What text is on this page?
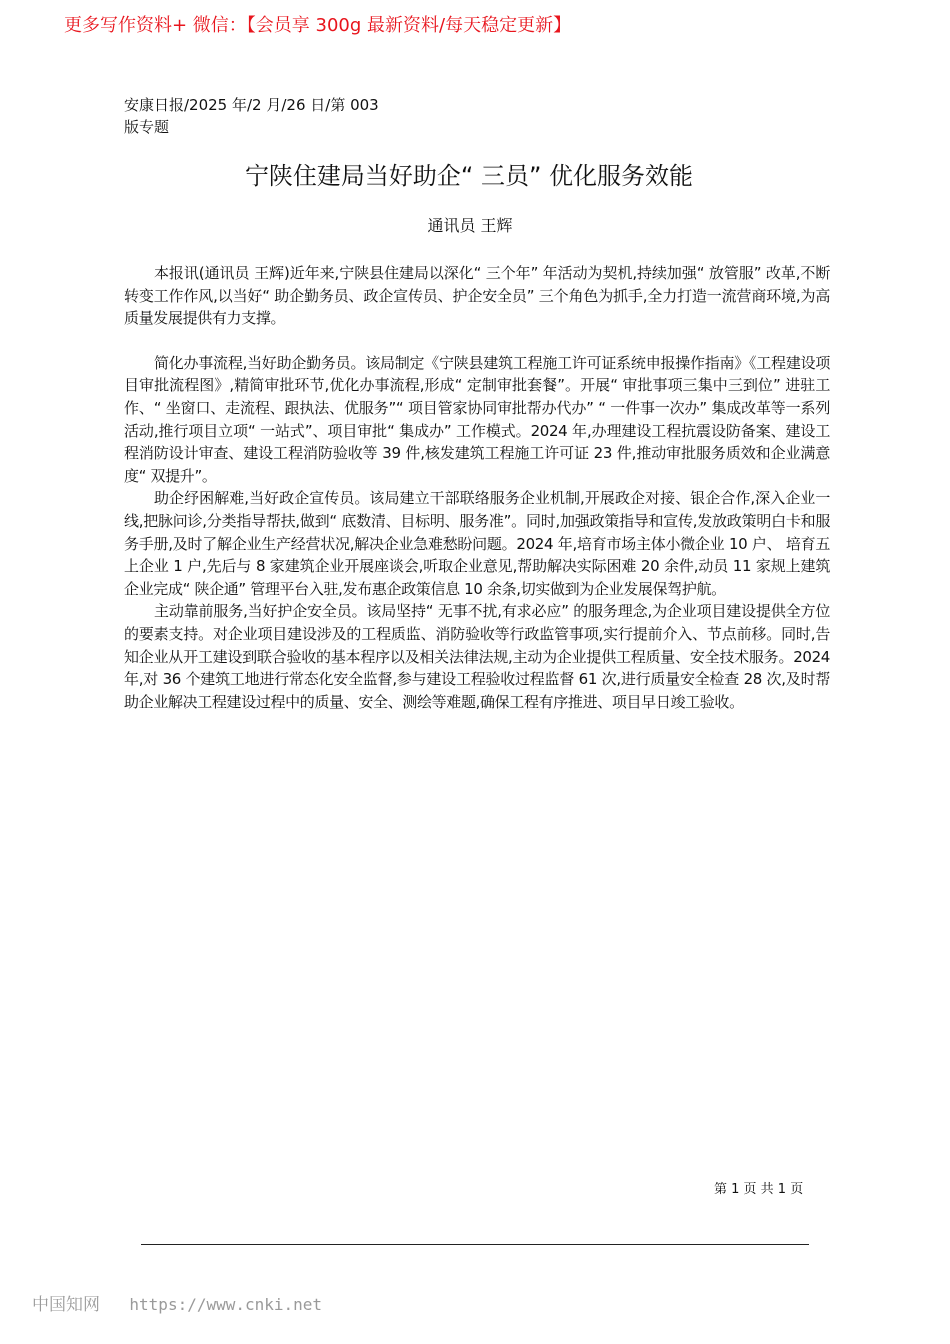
更多写作资料+ 微信：【会员享 300g 最新资料/每天稳定更新】
安康日报/2025 年/2 月/26 日/第 003 版专题
宁陕住建局当好助企“ 三员” 优化服务效能
通讯员 王辉

本报讯(通讯员 王辉)近年来,宁陕县住建局以深化“ 三个年” 年活动为契机,持续加强“ 放管服” 改革,不断转变工作作风,以当好“ 助企勤务员、政企宣传员、护企安全员” 三个角色为抓手,全力打造一流营商环境,为高质量发展提供有力支撑。

简化办事流程,当好助企勤务员。该局制定《宁陕县建筑工程施工许可证系统申报操作指南》《工程建设项目审批流程图》,精简审批环节,优化办事流程,形成“ 定制审批套餐”。开展“ 审批事项三集中三到位” 进驻工作、“ 坐窗口、走流程、跟执法、优服务”“ 项目管家协同审批帮办代办” “ 一件事一次办” 集成改革等一系列活动,推行项目立项“ 一站式”、项目审批“ 集成办” 工作模式。2024 年,办理建设工程抗震设防备案、建设工程消防设计审查、建设工程消防验收等 39 件,核发建筑工程施工许可证 23 件,推动审批服务质效和企业满意度“ 双提升”。

助企纾困解难,当好政企宣传员。该局建立干部联络服务企业机制,开展政企对接、银企合作,深入企业一线,把脉问诊,分类指导帮扶,做到“ 底数清、目标明、服务准”。同时,加强政策指导和宣传,发放政策明白卡和服务手册,及时了解企业生产经营状况,解决企业急难愁盼问题。2024 年,培育市场主体小微企业 10 户、 培育五上企业 1 户,先后与 8 家建筑企业开展座谈会,听取企业意见,帮助解决实际困难 20 余件,动员 11 家规上建筑企业完成“ 陕企通” 管理平台入驻,发布惠企政策信息 10 余条,切实做到为企业发展保驾护航。

主动靠前服务,当好护企安全员。该局坚持“ 无事不扰,有求必应” 的服务理念,为企业项目建设提供全方位的要素支持。对企业项目建设涉及的工程质监、消防验收等行政监管事项,实行提前介入、节点前移。同时,告知企业从开工建设到联合验收的基本程序以及相关法律法规,主动为企业提供工程质量、安全技术服务。2024 年,对 36 个建筑工地进行常态化安全监督,参与建设工程验收过程监督 61 次,进行质量安全检查 28 次,及时帮助企业解决工程建设过程中的质量、安全、测绘等难题,确保工程有序推进、项目早日竣工验收。

第 1 页 共 1 页
中国知网 https://www.cnki.net
